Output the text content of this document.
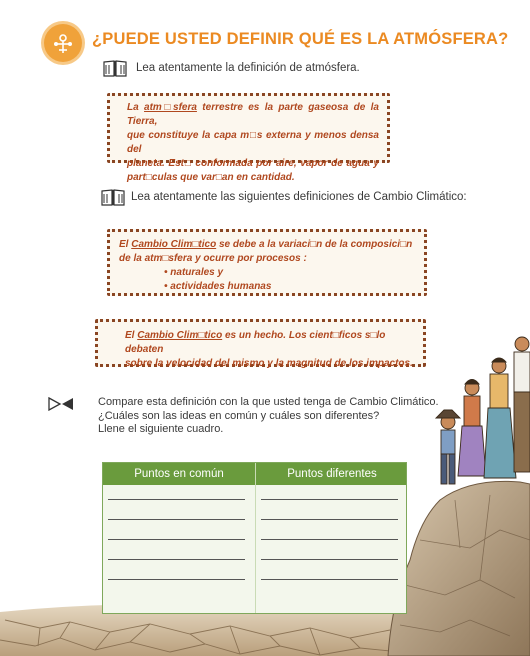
¿PUEDE USTED DEFINIR QUÉ ES LA ATMÓSFERA?
Lea atentamente la definición de atmósfera.

La atm□sfera terrestre es la parte gaseosa de la Tierra,

que constituye la capa m□s externa y menos densa del

planeta. Est□ conformada por aire, vapor de agua y

part□culas que var□an en cantidad.

Lea atentamente las siguientes definiciones de Cambio Climático:

El Cambio Clim□tico se debe a la variaci□n de la composici□n

de la atm□sfera y ocurre por procesos :

• naturales y

• actividades humanas

El Cambio Clim□tico es un hecho. Los cient□ficos s□lo debaten

sobre la velocidad del mismo y la magnitud de los impactos.

Compare esta definición con la que usted tenga de Cambio Climático.
¿Cuáles son las ideas en común y cuáles son diferentes?
Llene el siguiente cuadro.
Puntos en común	Puntos diferentes
